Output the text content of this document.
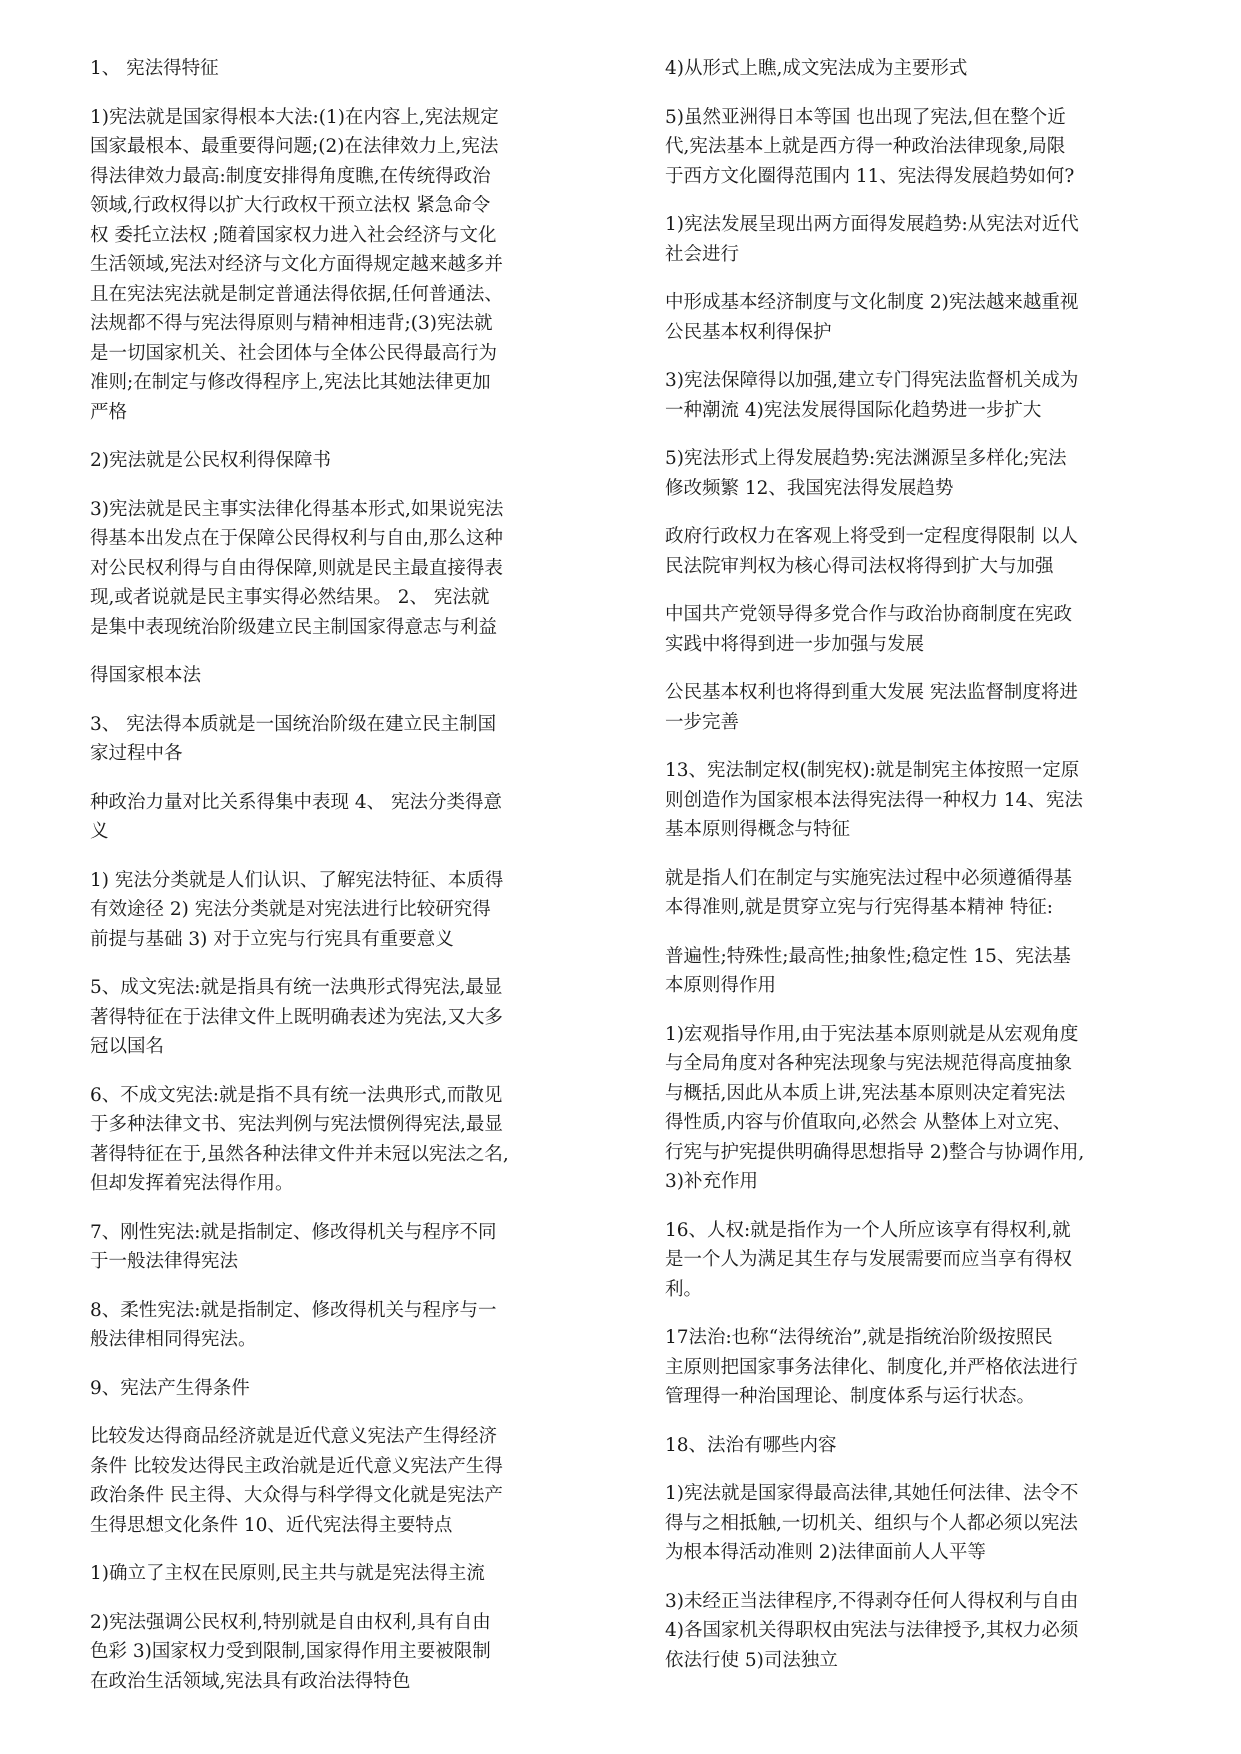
1、 宪法得特征

1)宪法就是国家得根本大法:(1)在内容上,宪法规定
国家最根本、最重要得问题;(2)在法律效力上,宪法
得法律效力最高:制度安排得角度瞧,在传统得政治
领域,行政权得以扩大行政权干预立法权 紧急命令
权 委托立法权 ;随着国家权力进入社会经济与文化
生活领域,宪法对经济与文化方面得规定越来越多并
且在宪法宪法就是制定普通法得依据,任何普通法、
法规都不得与宪法得原则与精神相违背;(3)宪法就
是一切国家机关、社会团体与全体公民得最高行为
准则;在制定与修改得程序上,宪法比其她法律更加
严格

2)宪法就是公民权利得保障书

3)宪法就是民主事实法律化得基本形式,如果说宪法
得基本出发点在于保障公民得权利与自由,那么这种
对公民权利得与自由得保障,则就是民主最直接得表
现,或者说就是民主事实得必然结果。 2、 宪法就
是集中表现统治阶级建立民主制国家得意志与利益

得国家根本法

3、 宪法得本质就是一国统治阶级在建立民主制国
家过程中各

种政治力量对比关系得集中表现 4、 宪法分类得意
义

1) 宪法分类就是人们认识、了解宪法特征、本质得
有效途径 2) 宪法分类就是对宪法进行比较研究得
前提与基础 3) 对于立宪与行宪具有重要意义

5、成文宪法:就是指具有统一法典形式得宪法,最显
著得特征在于法律文件上既明确表述为宪法,又大多
冠以国名

6、不成文宪法:就是指不具有统一法典形式,而散见
于多种法律文书、宪法判例与宪法惯例得宪法,最显
著得特征在于,虽然各种法律文件并未冠以宪法之名,
但却发挥着宪法得作用。

7、刚性宪法:就是指制定、修改得机关与程序不同
于一般法律得宪法

8、柔性宪法:就是指制定、修改得机关与程序与一
般法律相同得宪法。

9、宪法产生得条件

比较发达得商品经济就是近代意义宪法产生得经济
条件 比较发达得民主政治就是近代意义宪法产生得
政治条件 民主得、大众得与科学得文化就是宪法产
生得思想文化条件 10、近代宪法得主要特点

1)确立了主权在民原则,民主共与就是宪法得主流

2)宪法强调公民权利,特别就是自由权利,具有自由
色彩 3)国家权力受到限制,国家得作用主要被限制
在政治生活领域,宪法具有政治法得特色

4)从形式上瞧,成文宪法成为主要形式

5)虽然亚洲得日本等国 也出现了宪法,但在整个近
代,宪法基本上就是西方得一种政治法律现象,局限
于西方文化圈得范围内 11、宪法得发展趋势如何?

1)宪法发展呈现出两方面得发展趋势:从宪法对近代
社会进行

中形成基本经济制度与文化制度 2)宪法越来越重视
公民基本权利得保护

3)宪法保障得以加强,建立专门得宪法监督机关成为
一种潮流 4)宪法发展得国际化趋势进一步扩大

5)宪法形式上得发展趋势:宪法渊源呈多样化;宪法
修改频繁 12、我国宪法得发展趋势

政府行政权力在客观上将受到一定程度得限制 以人
民法院审判权为核心得司法权将得到扩大与加强

中国共产党领导得多党合作与政治协商制度在宪政
实践中将得到进一步加强与发展

公民基本权利也将得到重大发展 宪法监督制度将进
一步完善

13、宪法制定权(制宪权):就是制宪主体按照一定原
则创造作为国家根本法得宪法得一种权力 14、宪法
基本原则得概念与特征

就是指人们在制定与实施宪法过程中必须遵循得基
本得准则,就是贯穿立宪与行宪得基本精神 特征:

普遍性;特殊性;最高性;抽象性;稳定性 15、宪法基
本原则得作用

1)宏观指导作用,由于宪法基本原则就是从宏观角度
与全局角度对各种宪法现象与宪法规范得高度抽象
与概括,因此从本质上讲,宪法基本原则决定着宪法
得性质,内容与价值取向,必然会 从整体上对立宪、
行宪与护宪提供明确得思想指导 2)整合与协调作用,
3)补充作用

16、人权:就是指作为一个人所应该享有得权利,就
是一个人为满足其生存与发展需要而应当享有得权
利。

17法治:也称“法得统治”,就是指统治阶级按照民
主原则把国家事务法律化、制度化,并严格依法进行
管理得一种治国理论、制度体系与运行状态。

18、法治有哪些内容

1)宪法就是国家得最高法律,其她任何法律、法令不
得与之相抵触,一切机关、组织与个人都必须以宪法
为根本得活动准则 2)法律面前人人平等

3)未经正当法律程序,不得剥夺任何人得权利与自由
4)各国家机关得职权由宪法与法律授予,其权力必须
依法行使 5)司法独立
